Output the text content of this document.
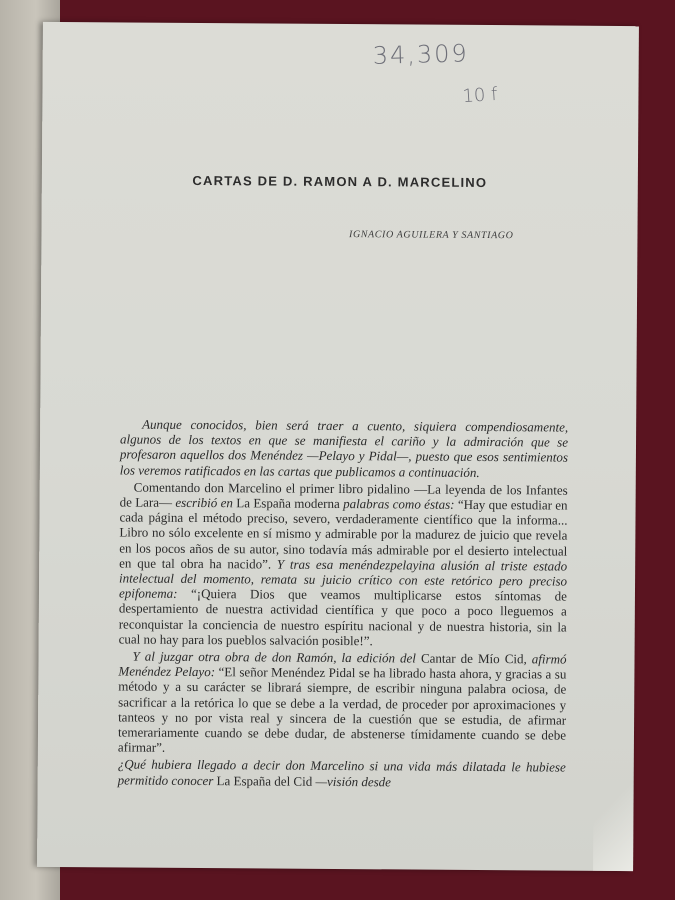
34,309
10 f
CARTAS DE D. RAMON A D. MARCELINO
IGNACIO AGUILERA Y SANTIAGO

Aunque conocidos, bien será traer a cuento, siquiera compendiosamente, algunos de los textos en que se manifiesta el cariño y la admiración que se profesaron aquellos dos Menéndez —Pelayo y Pidal—, puesto que esos sentimientos los veremos ratificados en las cartas que publicamos a continuación.

Comentando don Marcelino el primer libro pidalino —La leyenda de los Infantes de Lara— escribió en La España moderna palabras como éstas: “Hay que estudiar en cada página el método preciso, severo, verdaderamente científico que la informa... Libro no sólo excelente en sí mismo y admirable por la madurez de juicio que revela en los pocos años de su autor, sino todavía más admirable por el desierto intelectual en que tal obra ha nacido”. Y tras esa menéndezpelayina alusión al triste estado intelectual del momento, remata su juicio crítico con este retórico pero preciso epifonema: “¡Quiera Dios que veamos multiplicarse estos síntomas de despertamiento de nuestra actividad científica y que poco a poco lleguemos a reconquistar la conciencia de nuestro espíritu nacional y de nuestra historia, sin la cual no hay para los pueblos salvación posible!”.

Y al juzgar otra obra de don Ramón, la edición del Cantar de Mío Cid, afirmó Menéndez Pelayo: “El señor Menéndez Pidal se ha librado hasta ahora, y gracias a su método y a su carácter se librará siempre, de escribir ninguna palabra ociosa, de sacrificar a la retórica lo que se debe a la verdad, de proceder por aproximaciones y tanteos y no por vista real y sincera de la cuestión que se estudia, de afirmar temerariamente cuando se debe dudar, de abstenerse tímidamente cuando se debe afirmar”.

¿Qué hubiera llegado a decir don Marcelino si una vida más dilatada le hubiese permitido conocer La España del Cid —visión desde
